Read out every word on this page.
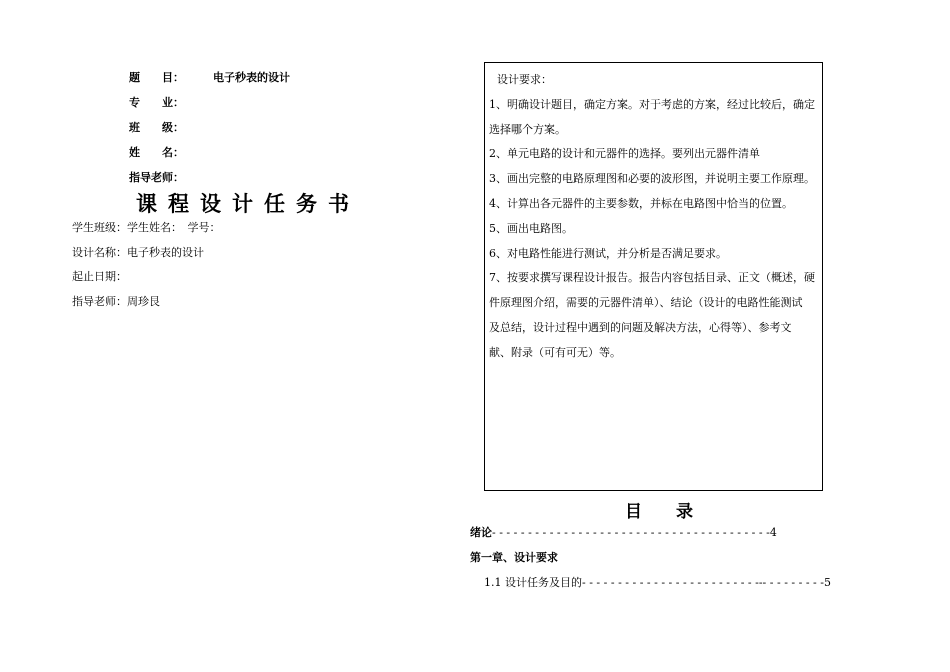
题　　目：	电子秒表的设计
专　　业：
班　　级：
姓　　名：
指导老师：
课程设计任务书
学生班级：学生姓名：　学号：
设计名称：电子秒表的设计
起止日期：
指导老师：周珍艮
设计要求：
1、明确设计题目，确定方案。对于考虑的方案，经过比较后，确定
选择哪个方案。
2、单元电路的设计和元器件的选择。要列出元器件清单
3、画出完整的电路原理图和必要的波形图，并说明主要工作原理。
4、计算出各元器件的主要参数，并标在电路图中恰当的位置。
5、画出电路图。
6、对电路性能进行测试，并分析是否满足要求。
7、按要求撰写课程设计报告。报告内容包括目录、正文（概述，硬
件原理图介绍，需要的元器件清单）、结论（设计的电路性能测试
及总结，设计过程中遇到的问题及解决方法，心得等）、参考文
献、附录（可有可无）等。
目　　录
绪论- - - - - - - - - - - - - - - - - - - - - - - - - - - - - - - - - - - - - - -4
第一章、设计要求
1.1 设计任务及目的- - - - - - - - - - - - - - - - - - - - - - - - --- - - - - - - - -5
